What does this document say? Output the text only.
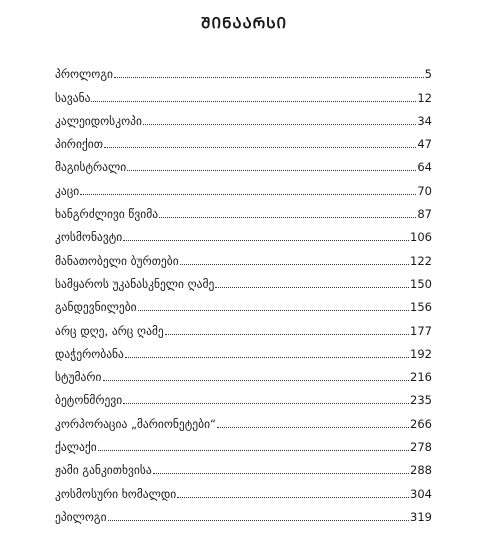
ᲨᲘᲜᲐᲐᲠᲡᲘ
პროლოგი	5
სავანა	12
კალეიდოსკოპი	34
პირიქით	47
მაგისტრალი	64
კაცი	70
ხანგრძლივი წვიმა	87
კოსმონავტი	106
მანათობელი ბურთები	122
სამყაროს უკანასკნელი ღამე	150
განდევნილები	156
არც დღე, არც ღამე	177
დაჭერობანა	192
სტუმარი	216
ბეტონმრევი	235
კორპორაცია „მარიონეტები“	266
ქალაქი	278
ჟამი განკითხვისა	288
კოსმოსური ხომალდი	304
ეპილოგი	319
